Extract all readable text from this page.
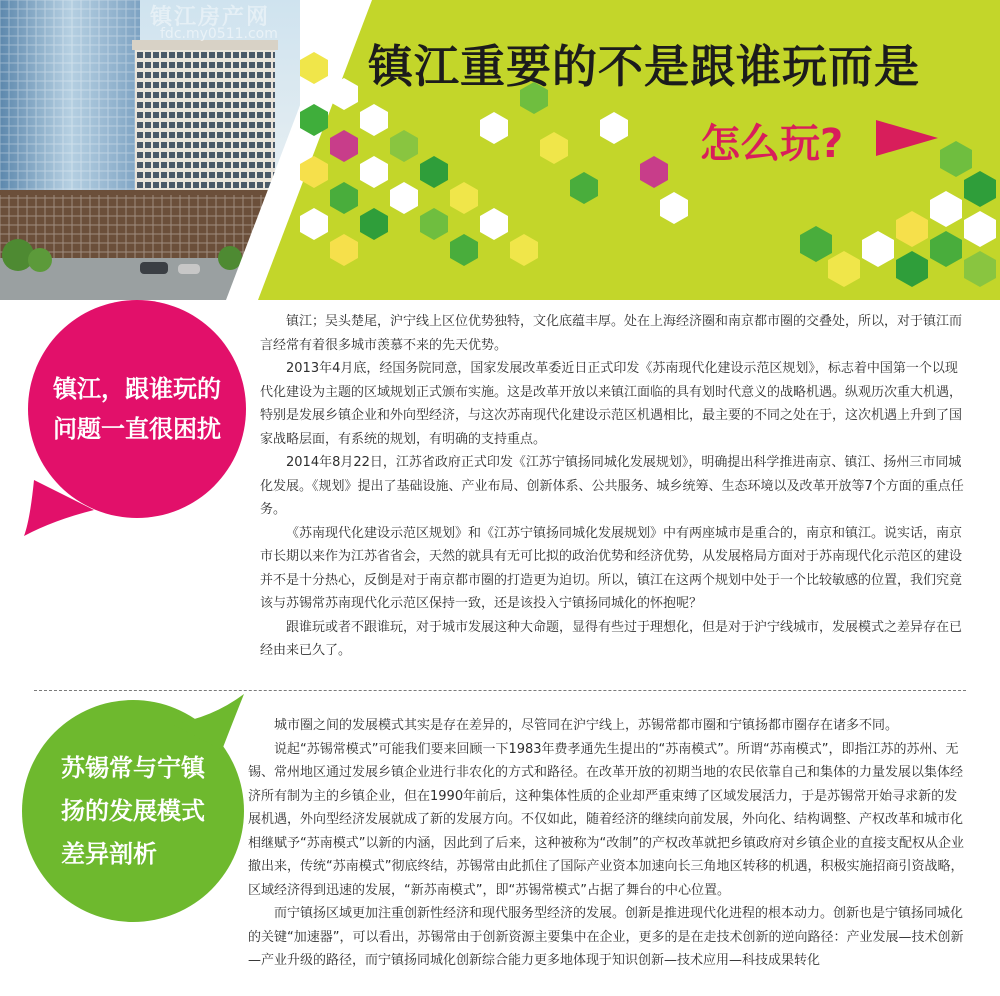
镇江房产网
fdc.my0511.com
镇江重要的不是跟谁玩而是
怎么玩?
镇江，跟谁玩的
问题一直很困扰

镇江；吴头楚尾，沪宁线上区位优势独特，文化底蕴丰厚。处在上海经济圈和南京都市圈的交叠处，所以，对于镇江而言经常有着很多城市羡慕不来的先天优势。

2013年4月底，经国务院同意，国家发展改革委近日正式印发《苏南现代化建设示范区规划》，标志着中国第一个以现代化建设为主题的区域规划正式颁布实施。这是改革开放以来镇江面临的具有划时代意义的战略机遇。纵观历次重大机遇，特别是发展乡镇企业和外向型经济，与这次苏南现代化建设示范区机遇相比，最主要的不同之处在于，这次机遇上升到了国家战略层面，有系统的规划，有明确的支持重点。

2014年8月22日，江苏省政府正式印发《江苏宁镇扬同城化发展规划》，明确提出科学推进南京、镇江、扬州三市同城化发展。《规划》提出了基础设施、产业布局、创新体系、公共服务、城乡统筹、生态环境以及改革开放等7个方面的重点任务。

《苏南现代化建设示范区规划》和《江苏宁镇扬同城化发展规划》中有两座城市是重合的，南京和镇江。说实话，南京市长期以来作为江苏省省会，天然的就具有无可比拟的政治优势和经济优势，从发展格局方面对于苏南现代化示范区的建设并不是十分热心，反倒是对于南京都市圈的打造更为迫切。所以，镇江在这两个规划中处于一个比较敏感的位置，我们究竟该与苏锡常苏南现代化示范区保持一致，还是该投入宁镇扬同城化的怀抱呢？

跟谁玩或者不跟谁玩，对于城市发展这种大命题，显得有些过于理想化，但是对于沪宁线城市，发展模式之差异存在已经由来已久了。

苏锡常与宁镇
扬的发展模式
差异剖析

城市圈之间的发展模式其实是存在差异的，尽管同在沪宁线上，苏锡常都市圈和宁镇扬都市圈存在诸多不同。

说起“苏锡常模式”可能我们要来回顾一下1983年费孝通先生提出的“苏南模式”。所谓“苏南模式”，即指江苏的苏州、无锡、常州地区通过发展乡镇企业进行非农化的方式和路径。在改革开放的初期当地的农民依靠自己和集体的力量发展以集体经济所有制为主的乡镇企业，但在1990年前后，这种集体性质的企业却严重束缚了区域发展活力，于是苏锡常开始寻求新的发展机遇，外向型经济发展就成了新的发展方向。不仅如此，随着经济的继续向前发展，外向化、结构调整、产权改革和城市化相继赋予“苏南模式”以新的内涵，因此到了后来，这种被称为“改制”的产权改革就把乡镇政府对乡镇企业的直接支配权从企业撤出来，传统“苏南模式”彻底终结，苏锡常由此抓住了国际产业资本加速向长三角地区转移的机遇，积极实施招商引资战略，区域经济得到迅速的发展，“新苏南模式”，即“苏锡常模式”占据了舞台的中心位置。

而宁镇扬区域更加注重创新性经济和现代服务型经济的发展。创新是推进现代化进程的根本动力。创新也是宁镇扬同城化的关键“加速器”，可以看出，苏锡常由于创新资源主要集中在企业，更多的是在走技术创新的逆向路径：产业发展—技术创新—产业升级的路径，而宁镇扬同城化创新综合能力更多地体现于知识创新—技术应用—科技成果转化
